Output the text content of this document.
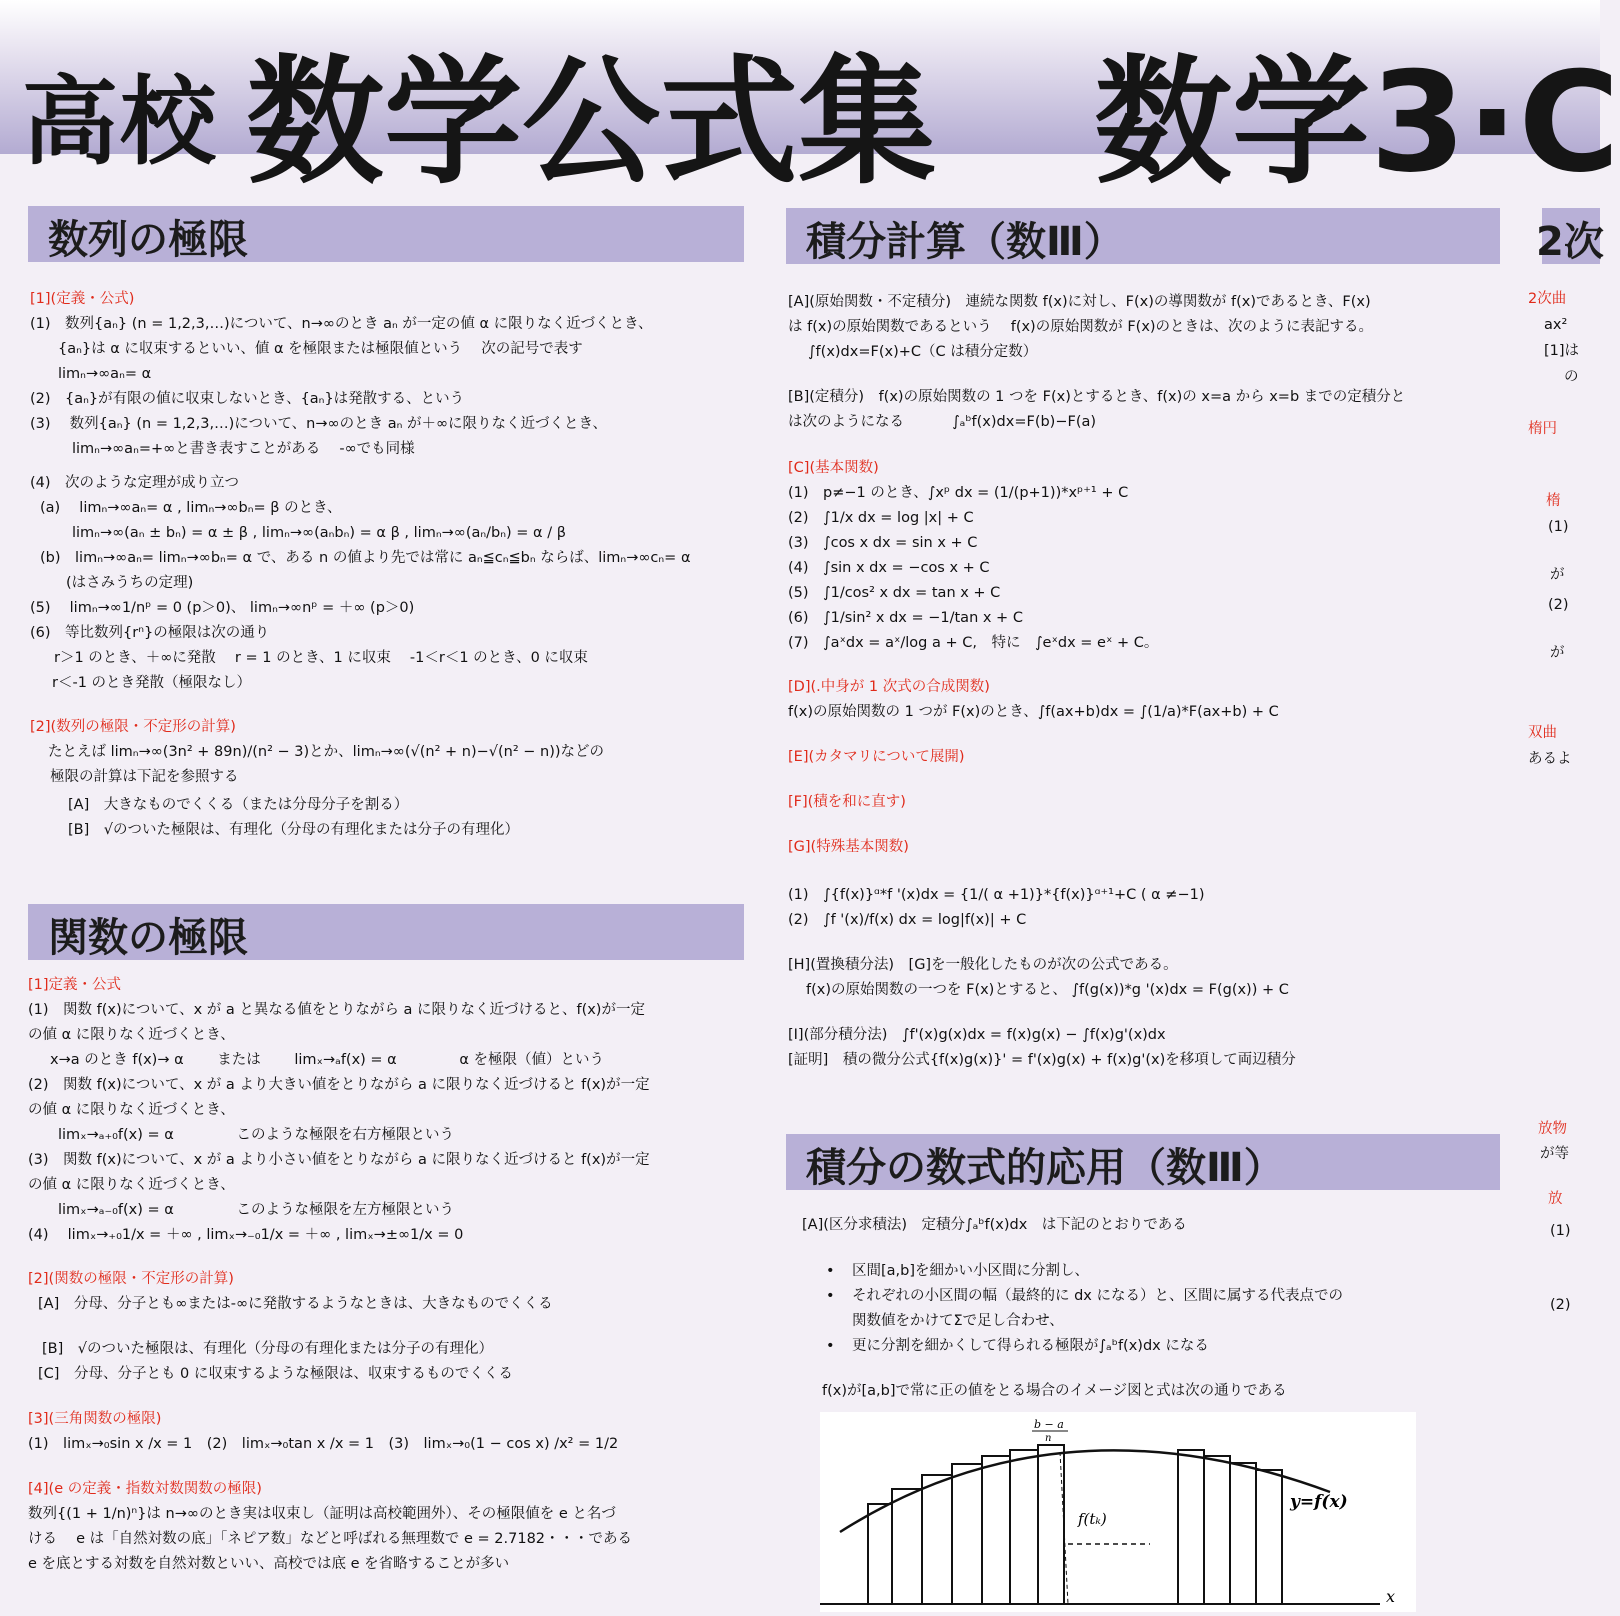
高校 数学公式集 数学3·C
数列の極限
[1](定義・公式)
(1)　数列{aₙ} (n = 1,2,3,…)について、n→∞のとき aₙ が一定の値 α に限りなく近づくとき、
{aₙ}は α に収束するといい、値 α を極限または極限値という　 次の記号で表す
limₙ→∞aₙ= α
(2)　{aₙ}が有限の値に収束しないとき、{aₙ}は発散する、という
(3)　 数列{aₙ} (n = 1,2,3,…)について、n→∞のとき aₙ が＋∞に限りなく近づくとき、
limₙ→∞aₙ=+∞と書き表すことがある　 -∞でも同様
(4)　次のような定理が成り立つ
(a)　 limₙ→∞aₙ= α , limₙ→∞bₙ= β のとき、
limₙ→∞(aₙ ± bₙ) = α ± β , limₙ→∞(aₙbₙ) = α β , limₙ→∞(aₙ/bₙ) = α / β
(b)　limₙ→∞aₙ= limₙ→∞bₙ= α で、ある n の値より先では常に aₙ≦cₙ≦bₙ ならば、limₙ→∞cₙ= α
(はさみうちの定理)
(5)　 limₙ→∞1/nᵖ = 0 (p＞0)、 limₙ→∞nᵖ = ＋∞ (p＞0)
(6)　等比数列{rⁿ}の極限は次の通り
r＞1 のとき、＋∞に発散　 r = 1 のとき、1 に収束　 -1＜r＜1 のとき、0 に収束
r＜-1 のとき発散（極限なし）
[2](数列の極限・不定形の計算)
たとえば limₙ→∞(3n² + 89n)/(n² − 3)とか、limₙ→∞(√(n² + n)−√(n² − n))などの
極限の計算は下記を参照する
[A]　大きなものでくくる（または分母分子を割る）
[B]　√のついた極限は、有理化（分母の有理化または分子の有理化）
関数の極限
[1]定義・公式
(1)　関数 f(x)について、x が a と異なる値をとりながら a に限りなく近づけると、f(x)が一定
の値 α に限りなく近づくとき、
x→a のとき f(x)→ α　　 または　　 limₓ→ₐf(x) = α　　　　 α を極限（値）という
(2)　関数 f(x)について、x が a より大きい値をとりながら a に限りなく近づけると f(x)が一定
の値 α に限りなく近づくとき、
limₓ→ₐ₊₀f(x) = α　　　　 このような極限を右方極限という
(3)　関数 f(x)について、x が a より小さい値をとりながら a に限りなく近づけると f(x)が一定
の値 α に限りなく近づくとき、
limₓ→ₐ₋₀f(x) = α　　　　 このような極限を左方極限という
(4)　 limₓ→₊₀1/x = ＋∞ , limₓ→₋₀1/x = ＋∞ , limₓ→±∞1/x = 0
[2](関数の極限・不定形の計算)
[A]　分母、分子とも∞または-∞に発散するようなときは、大きなものでくくる
[B]　√のついた極限は、有理化（分母の有理化または分子の有理化）
[C]　分母、分子とも 0 に収束するような極限は、収束するものでくくる
[3](三角関数の極限)
(1)　limₓ→₀sin x /x = 1　(2)　limₓ→₀tan x /x = 1　(3)　limₓ→₀(1 − cos x) /x² = 1/2
[4](e の定義・指数対数関数の極限)
数列{(1 + 1/n)ⁿ}は n→∞のとき実は収束し（証明は高校範囲外）、その極限値を e と名づ
ける　 e は「自然対数の底」「ネピア数」などと呼ばれる無理数で e = 2.7182・・・である
e を底とする対数を自然対数といい、高校では底 e を省略することが多い
積分計算（数Ⅲ）
[A](原始関数・不定積分)　連続な関数 f(x)に対し、F(x)の導関数が f(x)であるとき、F(x)
は f(x)の原始関数であるという　 f(x)の原始関数が F(x)のときは、次のように表記する。
∫f(x)dx=F(x)+C（C は積分定数）
[B](定積分)　f(x)の原始関数の 1 つを F(x)とするとき、f(x)の x=a から x=b までの定積分と
は次のようになる　　　 ∫ₐᵇf(x)dx=F(b)−F(a)
[C](基本関数)
(1)　p≠−1 のとき、∫xᵖ dx = (1/(p+1))*xᵖ⁺¹ + C
(2)　∫1/x dx = log |x| + C
(3)　∫cos x dx = sin x + C
(4)　∫sin x dx = −cos x + C
(5)　∫1/cos² x dx = tan x + C
(6)　∫1/sin² x dx = −1/tan x + C
(7)　∫aˣdx = aˣ/log a + C,　特に　∫eˣdx = eˣ + C。
[D](.中身が 1 次式の合成関数)
f(x)の原始関数の 1 つが F(x)のとき、∫f(ax+b)dx = ∫(1/a)*F(ax+b) + C
[E](カタマリについて展開)
[F](積を和に直す)
[G](特殊基本関数)
(1)　∫{f(x)}ᵅ*f '(x)dx = {1/( α +1)}*{f(x)}ᵅ⁺¹+C ( α ≠−1)
(2)　∫f '(x)/f(x) dx = log|f(x)| + C
[H](置換積分法)　[G]を一般化したものが次の公式である。
f(x)の原始関数の一つを F(x)とすると、 ∫f(g(x))*g '(x)dx = F(g(x)) + C
[I](部分積分法)　∫f'(x)g(x)dx = f(x)g(x) − ∫f(x)g'(x)dx
[証明]　積の微分公式{f(x)g(x)}' = f'(x)g(x) + f(x)g'(x)を移項して両辺積分
積分の数式的応用（数Ⅲ）
[A](区分求積法)　定積分∫ₐᵇf(x)dx　は下記のとおりである
• 区間[a,b]を細かい小区間に分割し、
• それぞれの小区間の幅（最終的に dx になる）と、区間に属する代表点での
関数値をかけてΣで足し合わせ、
• 更に分割を細かくして得られる極限が∫ₐᵇf(x)dx になる
f(x)が[a,b]で常に正の値をとる場合のイメージ図と式は次の通りである
b − a
n
f(tₖ)
y=f(x)
x
2次
2次曲
ax²
[1]は
の
楕円
楕
(1)
が
(2)
が
双曲
あるよ
放物
が等
放
(1)
(2)
